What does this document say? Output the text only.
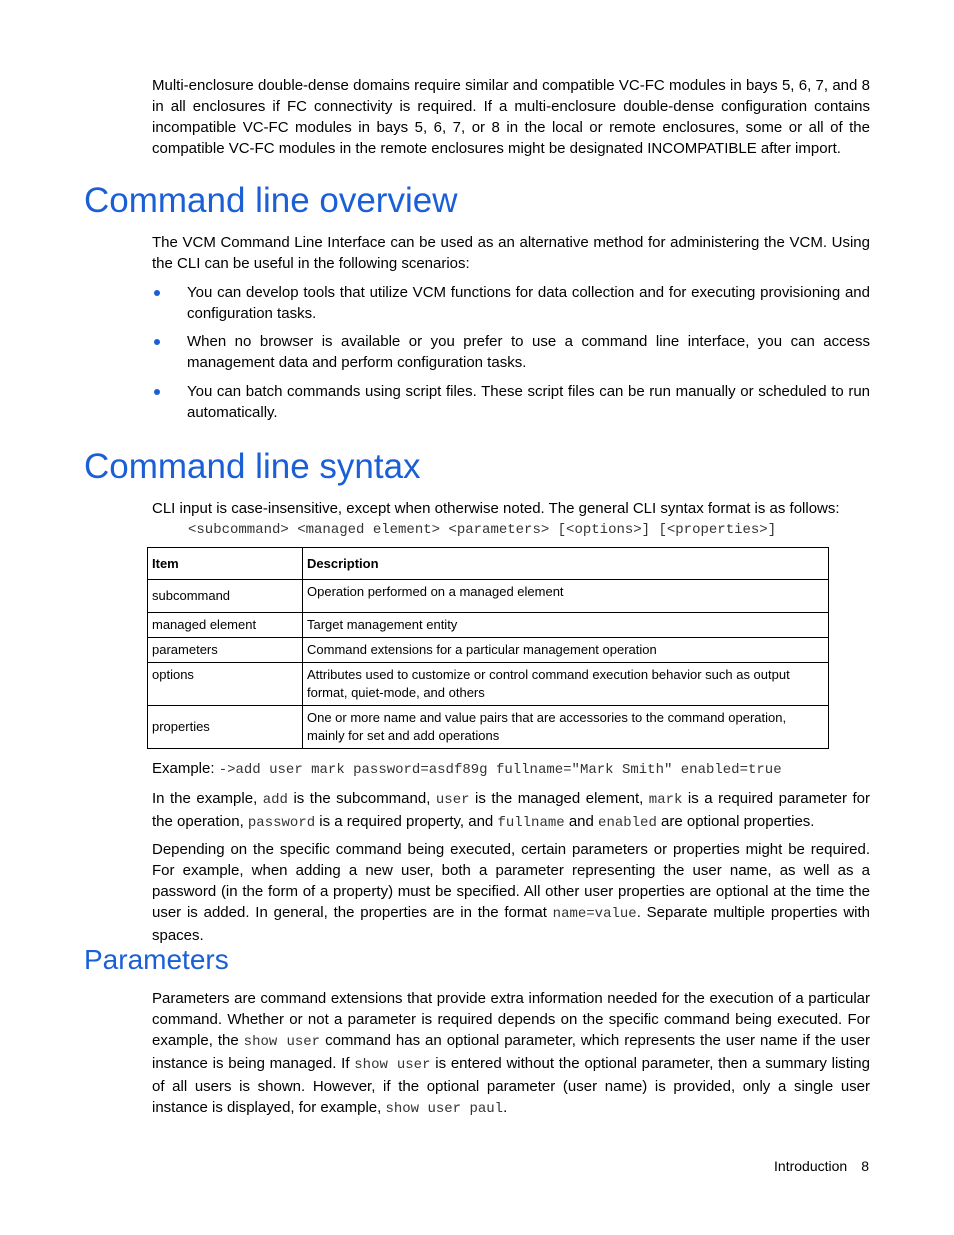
Multi-enclosure double-dense domains require similar and compatible VC-FC modules in bays 5, 6, 7, and 8 in all enclosures if FC connectivity is required. If a multi-enclosure double-dense configuration contains incompatible VC-FC modules in bays 5, 6, 7, or 8 in the local or remote enclosures, some or all of the compatible VC-FC modules in the remote enclosures might be designated INCOMPATIBLE after import.

Command line overview

The VCM Command Line Interface can be used as an alternative method for administering the VCM. Using the CLI can be useful in the following scenarios:

You can develop tools that utilize VCM functions for data collection and for executing provisioning and configuration tasks.
When no browser is available or you prefer to use a command line interface, you can access management data and perform configuration tasks.
You can batch commands using script files. These script files can be run manually or scheduled to run automatically.
Command line syntax

CLI input is case-insensitive, except when otherwise noted. The general CLI syntax format is as follows:

<subcommand> <managed element> <parameters> [<options>] [<properties>]
Item	Description
subcommand	Operation performed on a managed element
managed element	Target management entity
parameters	Command extensions for a particular management operation
options	Attributes used to customize or control command execution behavior such as output format, quiet-mode, and others
properties	One or more name and value pairs that are accessories to the command operation, mainly for set and add operations

Example: ->add user mark password=asdf89g fullname="Mark Smith" enabled=true

In the example, add is the subcommand, user is the managed element, mark is a required parameter for the operation, password is a required property, and fullname and enabled are optional properties.

Depending on the specific command being executed, certain parameters or properties might be required. For example, when adding a new user, both a parameter representing the user name, as well as a password (in the form of a property) must be specified. All other user properties are optional at the time the user is added. In general, the properties are in the format name=value. Separate multiple properties with spaces.

Parameters

Parameters are command extensions that provide extra information needed for the execution of a particular command. Whether or not a parameter is required depends on the specific command being executed. For example, the show user command has an optional parameter, which represents the user name if the user instance is being managed. If show user is entered without the optional parameter, then a summary listing of all users is shown. However, if the optional parameter (user name) is provided, only a single user instance is displayed, for example, show user paul.

Introduction 8
